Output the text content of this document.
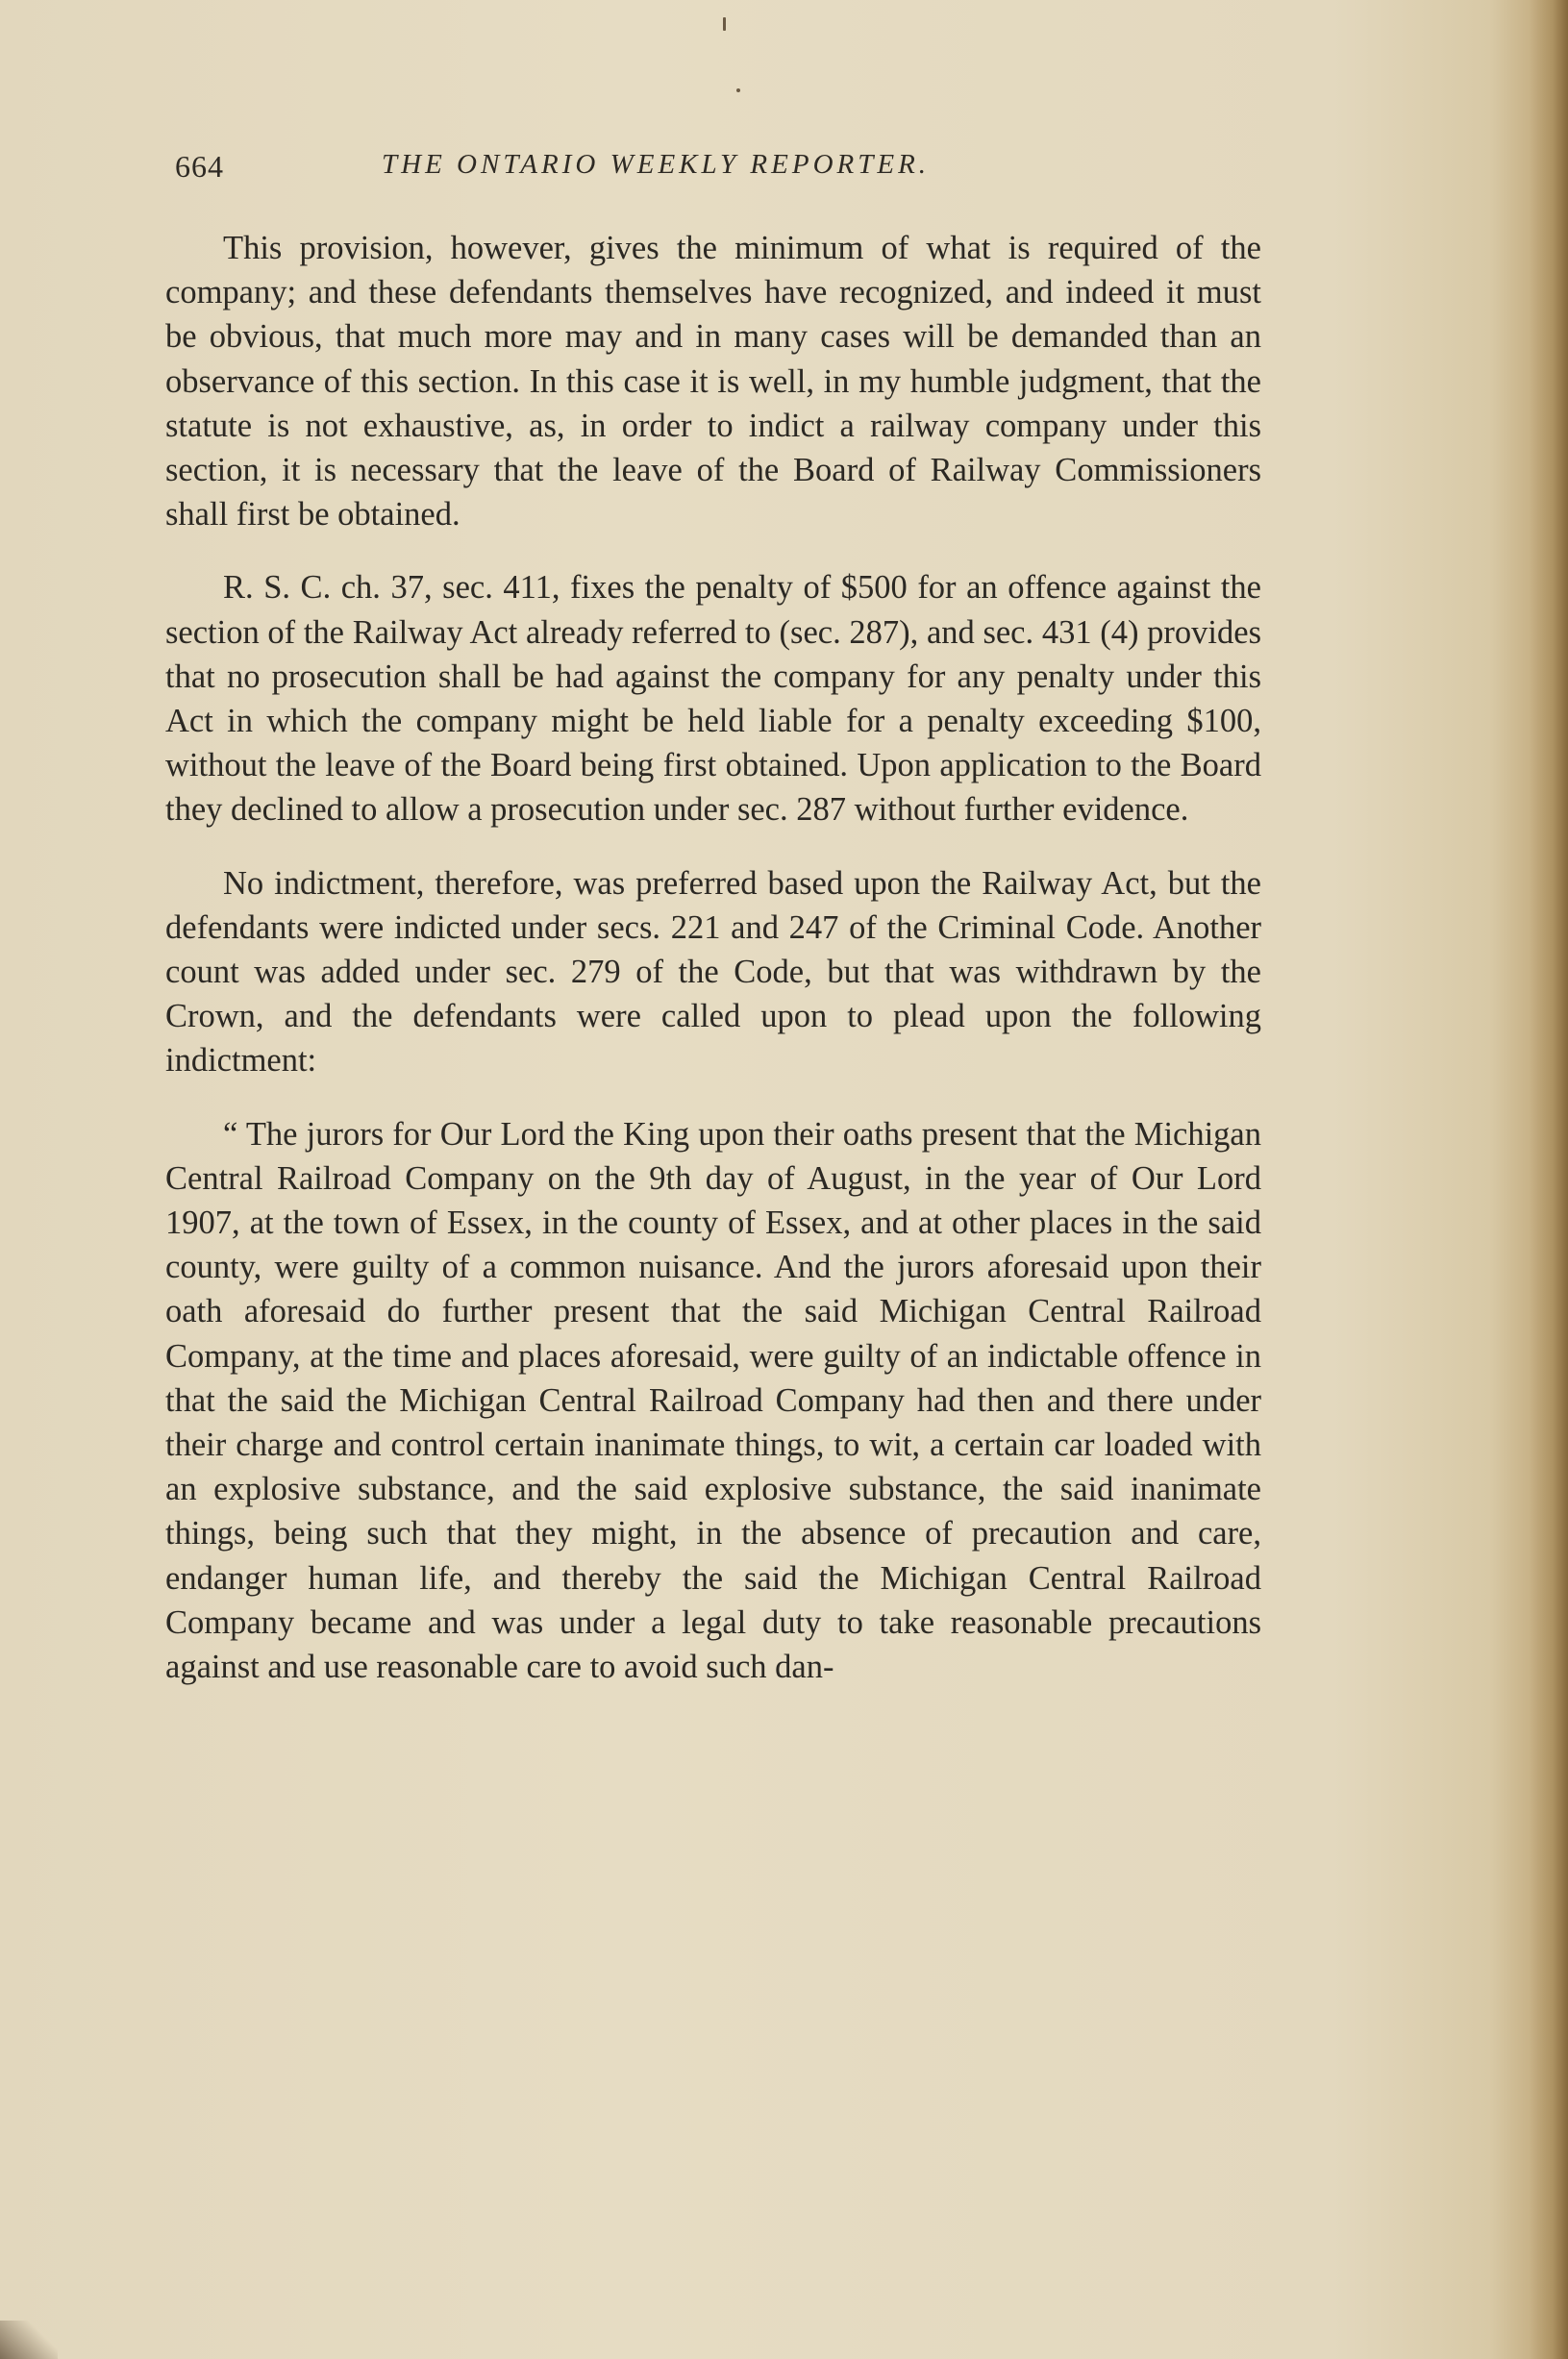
664	THE ONTARIO WEEKLY REPORTER.

This provision, however, gives the minimum of what is required of the company; and these defendants themselves have recognized, and indeed it must be obvious, that much more may and in many cases will be demanded than an observance of this section. In this case it is well, in my humble judgment, that the statute is not exhaustive, as, in order to indict a railway company under this section, it is necessary that the leave of the Board of Railway Commissioners shall first be obtained.

R. S. C. ch. 37, sec. 411, fixes the penalty of $500 for an offence against the section of the Railway Act already referred to (sec. 287), and sec. 431 (4) provides that no prosecution shall be had against the company for any penalty under this Act in which the company might be held liable for a penalty exceeding $100, without the leave of the Board being first obtained. Upon application to the Board they declined to allow a prosecution under sec. 287 without further evidence.

No indictment, therefore, was preferred based upon the Railway Act, but the defendants were indicted under secs. 221 and 247 of the Criminal Code. Another count was added under sec. 279 of the Code, but that was withdrawn by the Crown, and the defendants were called upon to plead upon the following indictment:

“ The jurors for Our Lord the King upon their oaths present that the Michigan Central Railroad Company on the 9th day of August, in the year of Our Lord 1907, at the town of Essex, in the county of Essex, and at other places in the said county, were guilty of a common nuisance. And the jurors aforesaid upon their oath aforesaid do further present that the said Michigan Central Railroad Company, at the time and places aforesaid, were guilty of an indictable offence in that the said the Michigan Central Railroad Company had then and there under their charge and control certain inanimate things, to wit, a certain car loaded with an explosive substance, and the said explosive substance, the said inanimate things, being such that they might, in the absence of precaution and care, endanger human life, and thereby the said the Michigan Central Railroad Company became and was under a legal duty to take reasonable precautions against and use reasonable care to avoid such dan-
